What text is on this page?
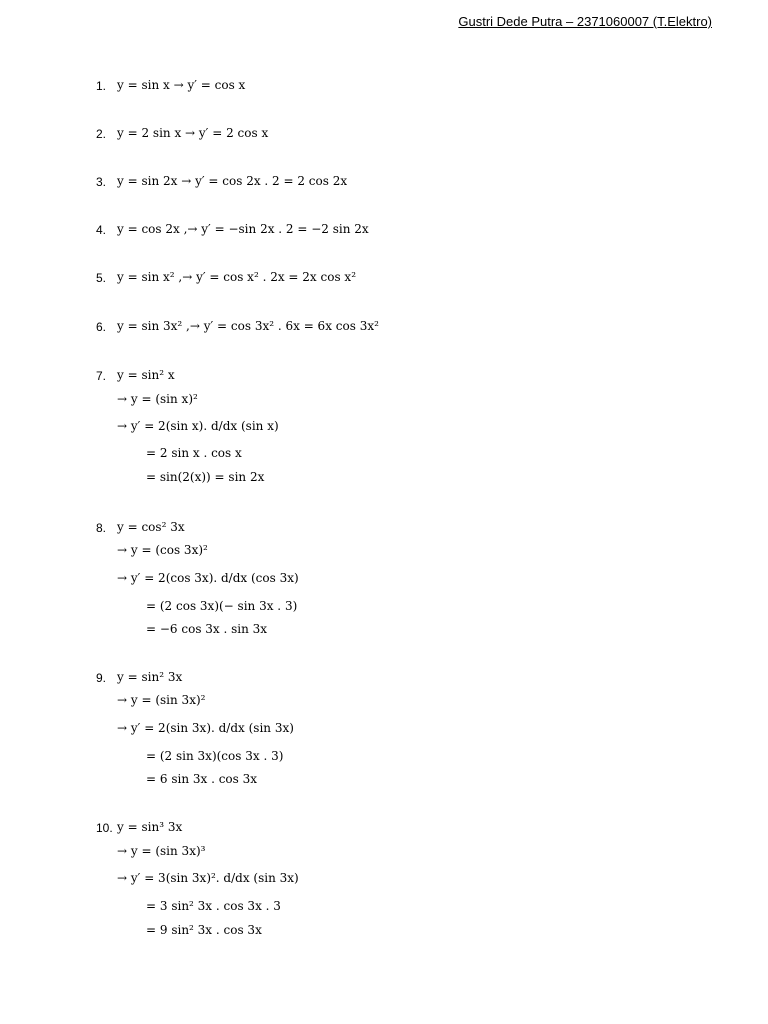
Gustri Dede Putra – 2371060007 (T.Elektro)
1. y = sin x → y′ = cos x
2. y = 2 sin x → y′ = 2 cos x
3. y = sin 2x → y′ = cos 2x . 2 = 2 cos 2x
4. y = cos 2x ,→ y′ = −sin 2x . 2 = −2 sin 2x
5. y = sin x² ,→ y′ = cos x² . 2x = 2x cos x²
6. y = sin 3x² ,→ y′ = cos 3x² . 6x = 6x cos 3x²
7. y = sin² x
→ y = (sin x)²
→ y′ = 2(sin x). d/dx (sin x)
= 2 sin x . cos x
= sin(2(x)) = sin 2x
8. y = cos² 3x
→ y = (cos 3x)²
→ y′ = 2(cos 3x). d/dx (cos 3x)
= (2 cos 3x)(− sin 3x . 3)
= −6 cos 3x . sin 3x
9. y = sin² 3x
→ y = (sin 3x)²
→ y′ = 2(sin 3x). d/dx (sin 3x)
= (2 sin 3x)(cos 3x . 3)
= 6 sin 3x . cos 3x
10. y = sin³ 3x
→ y = (sin 3x)³
→ y′ = 3(sin 3x)². d/dx (sin 3x)
= 3 sin² 3x . cos 3x . 3
= 9 sin² 3x . cos 3x
